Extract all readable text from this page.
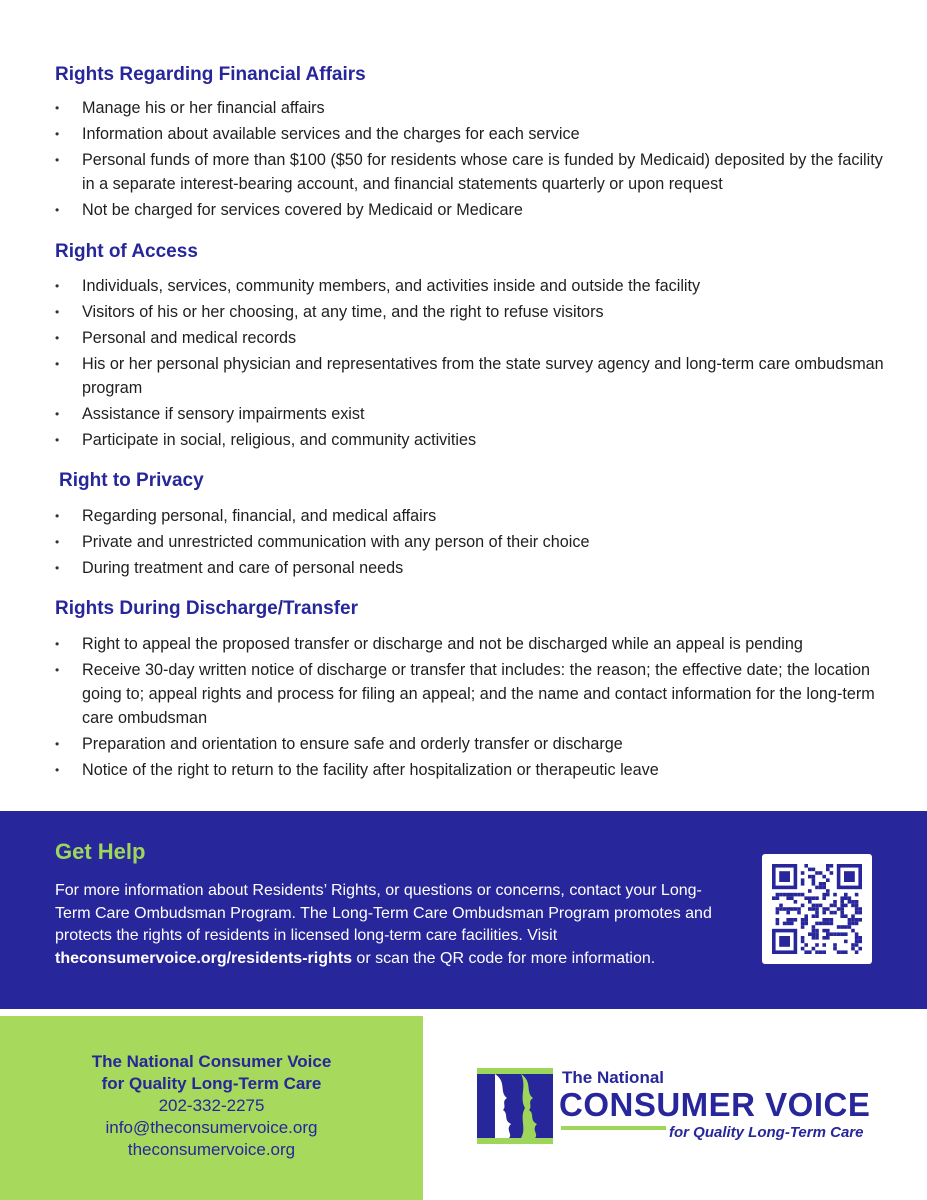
Rights Regarding Financial Affairs
• Manage his or her financial affairs
• Information about available services and the charges for each service
• Personal funds of more than $100 ($50 for residents whose care is funded by Medicaid) deposited by the facility in a separate interest-bearing account, and financial statements quarterly or upon request
• Not be charged for services covered by Medicaid or Medicare
Right of Access
• Individuals, services, community members, and activities inside and outside the facility
• Visitors of his or her choosing, at any time, and the right to refuse visitors
• Personal and medical records
• His or her personal physician and representatives from the state survey agency and long-term care ombudsman program
• Assistance if sensory impairments exist
• Participate in social, religious, and community activities
Right to Privacy
• Regarding personal, financial, and medical affairs
• Private and unrestricted communication with any person of their choice
• During treatment and care of personal needs
Rights During Discharge/Transfer
• Right to appeal the proposed transfer or discharge and not be discharged while an appeal is pending
• Receive 30-day written notice of discharge or transfer that includes: the reason; the effective date; the location going to; appeal rights and process for filing an appeal; and the name and contact information for the long-term care ombudsman
• Preparation and orientation to ensure safe and orderly transfer or discharge
• Notice of the right to return to the facility after hospitalization or therapeutic leave
Get Help

For more information about Residents’ Rights, or questions or concerns, contact your Long-Term Care Ombudsman Program. The Long-Term Care Ombudsman Program promotes and protects the rights of residents in licensed long-term care facilities. Visit theconsumervoice.org/residents-rights or scan the QR code for more information.

The National Consumer Voice
for Quality Long-Term Care
202-332-2275
info@theconsumervoice.org
theconsumervoice.org
The National
CONSUMER VOICE
for Quality Long-Term Care
